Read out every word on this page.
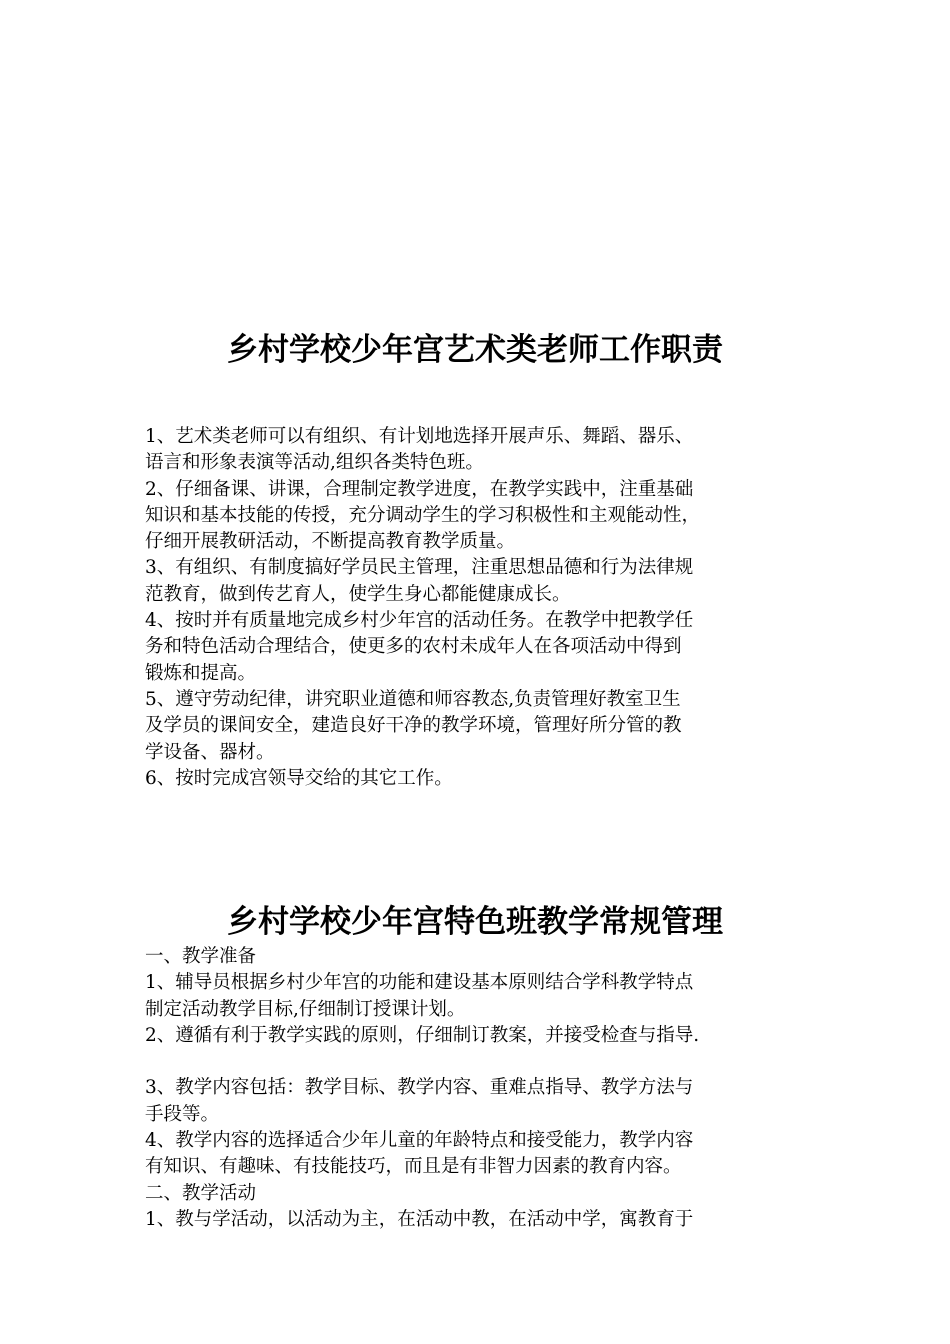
乡村学校少年宫艺术类老师工作职责
1、艺术类老师可以有组织、有计划地选择开展声乐、舞蹈、器乐、
语言和形象表演等活动,组织各类特色班。
2、仔细备课、讲课，合理制定教学进度，在教学实践中，注重基础
知识和基本技能的传授，充分调动学生的学习积极性和主观能动性，
仔细开展教研活动，不断提高教育教学质量。
3、有组织、有制度搞好学员民主管理，注重思想品德和行为法律规
范教育，做到传艺育人，使学生身心都能健康成长。
4、按时并有质量地完成乡村少年宫的活动任务。在教学中把教学任
务和特色活动合理结合，使更多的农村未成年人在各项活动中得到
锻炼和提高。
5、遵守劳动纪律，讲究职业道德和师容教态,负责管理好教室卫生
及学员的课间安全，建造良好干净的教学环境，管理好所分管的教
学设备、器材。
6、按时完成宫领导交给的其它工作。
乡村学校少年宫特色班教学常规管理
一、教学准备
1、辅导员根据乡村少年宫的功能和建设基本原则结合学科教学特点
制定活动教学目标,仔细制订授课计划。
2、遵循有利于教学实践的原则，仔细制订教案，并接受检查与指导.
3、教学内容包括：教学目标、教学内容、重难点指导、教学方法与
手段等。
4、教学内容的选择适合少年儿童的年龄特点和接受能力，教学内容
有知识、有趣味、有技能技巧，而且是有非智力因素的教育内容。
二、教学活动
1、教与学活动，以活动为主，在活动中教，在活动中学，寓教育于
